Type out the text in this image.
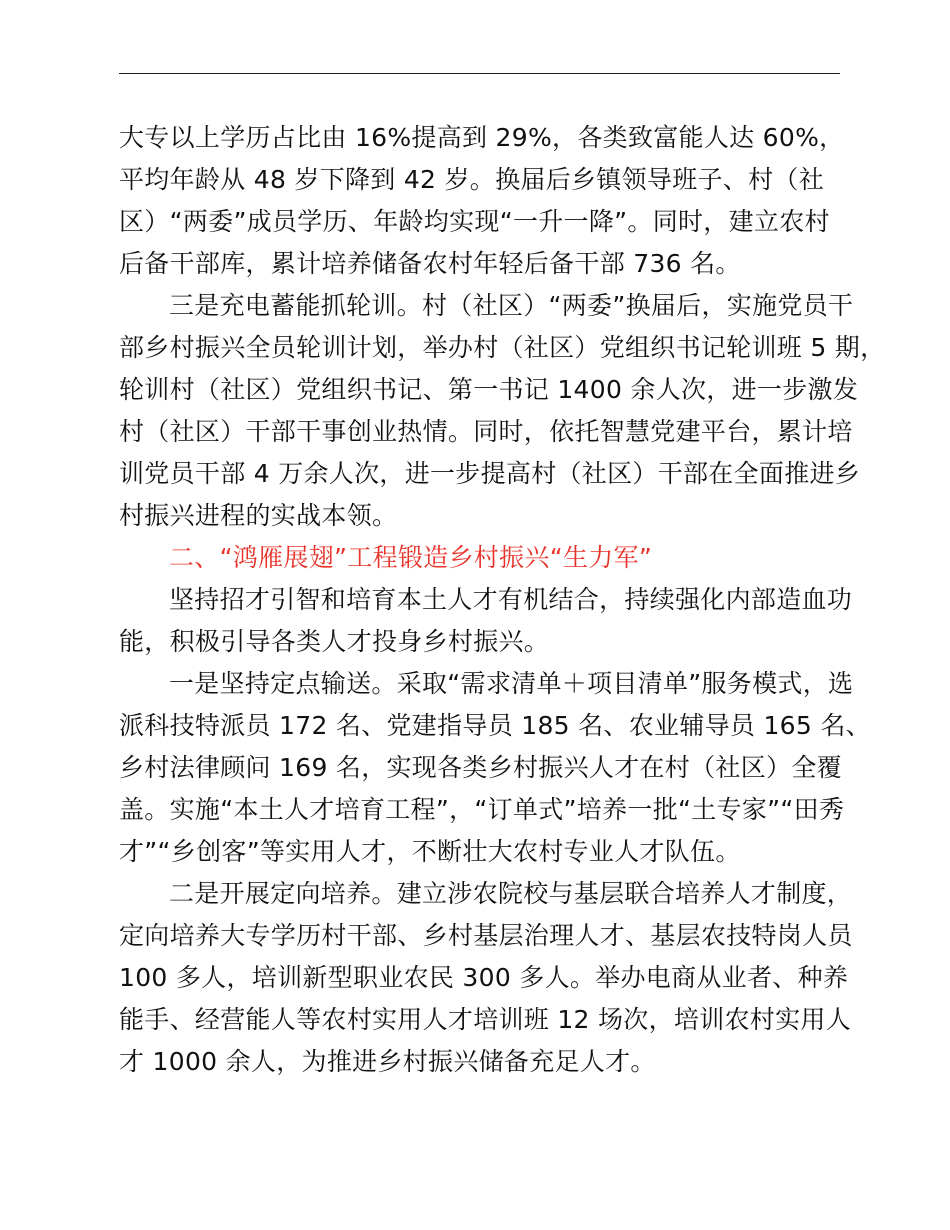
大专以上学历占比由 16%提高到 29%，各类致富能人达 60%，
平均年龄从 48 岁下降到 42 岁。换届后乡镇领导班子、村（社
区）“两委”成员学历、年龄均实现“一升一降”。同时，建立农村
后备干部库，累计培养储备农村年轻后备干部 736 名。
三是充电蓄能抓轮训。村（社区）“两委”换届后，实施党员干
部乡村振兴全员轮训计划，举办村（社区）党组织书记轮训班 5 期，
轮训村（社区）党组织书记、第一书记 1400 余人次，进一步激发
村（社区）干部干事创业热情。同时，依托智慧党建平台，累计培
训党员干部 4 万余人次，进一步提高村（社区）干部在全面推进乡
村振兴进程的实战本领。
二、“鸿雁展翅”工程锻造乡村振兴“生力军”
坚持招才引智和培育本土人才有机结合，持续强化内部造血功
能，积极引导各类人才投身乡村振兴。
一是坚持定点输送。采取“需求清单＋项目清单”服务模式，选
派科技特派员 172 名、党建指导员 185 名、农业辅导员 165 名、
乡村法律顾问 169 名，实现各类乡村振兴人才在村（社区）全覆
盖。实施“本土人才培育工程”，“订单式”培养一批“土专家”“田秀
才”“乡创客”等实用人才，不断壮大农村专业人才队伍。
二是开展定向培养。建立涉农院校与基层联合培养人才制度，
定向培养大专学历村干部、乡村基层治理人才、基层农技特岗人员
100 多人，培训新型职业农民 300 多人。举办电商从业者、种养
能手、经营能人等农村实用人才培训班 12 场次，培训农村实用人
才 1000 余人，为推进乡村振兴储备充足人才。
